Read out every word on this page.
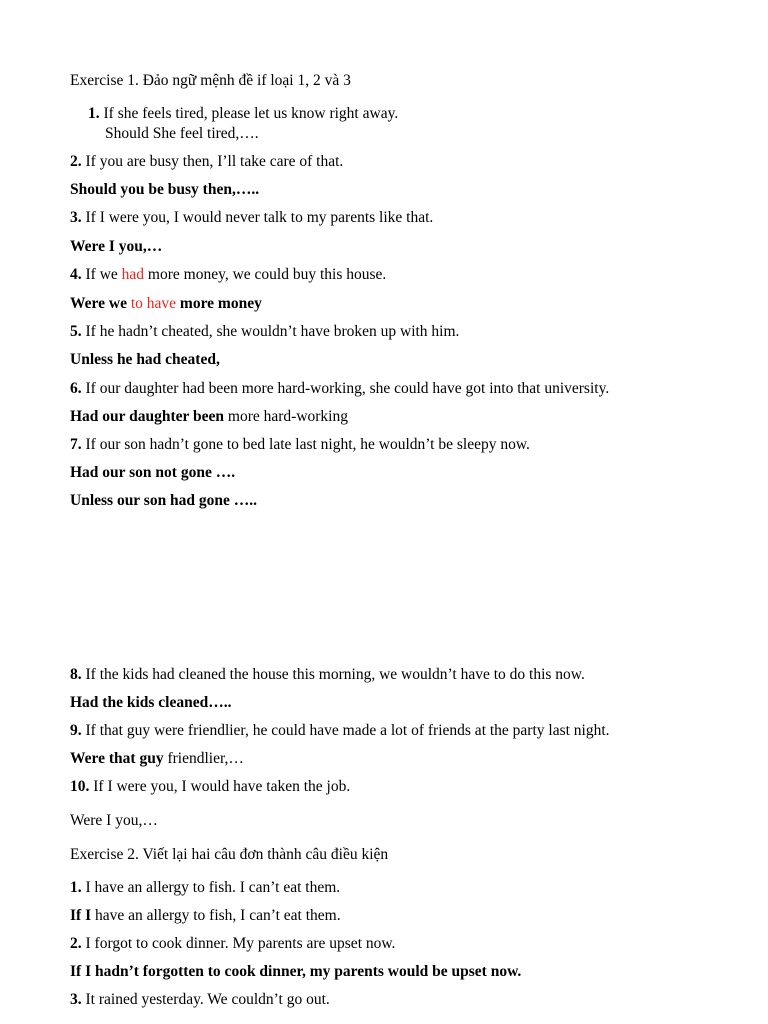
Exercise 1. Đảo ngữ mệnh đề if loại 1, 2 và 3
1. If she feels tired, please let us know right away.
Should She feel tired,….
2. If you are busy then, I’ll take care of that.
Should you be busy then,…..
3. If I were you, I would never talk to my parents like that.
Were I you,…
4. If we had more money, we could buy this house.
Were we to have more money
5. If he hadn’t cheated, she wouldn’t have broken up with him.
Unless he had cheated,
6. If our daughter had been more hard-working, she could have got into that university.
Had our daughter been more hard-working
7. If our son hadn’t gone to bed late last night, he wouldn’t be sleepy now.
Had our son not gone ….
Unless our son had gone …..
8. If the kids had cleaned the house this morning, we wouldn’t have to do this now.
Had the kids cleaned…..
9. If that guy were friendlier, he could have made a lot of friends at the party last night.
Were that guy friendlier,…
10. If I were you, I would have taken the job.
Were I you,…
Exercise 2. Viết lại hai câu đơn thành câu điều kiện
1. I have an allergy to fish. I can’t eat them.
If I have an allergy to fish, I can’t eat them.
2. I forgot to cook dinner. My parents are upset now.
If I hadn’t forgotten to cook dinner, my parents would be upset now.
3. It rained yesterday. We couldn’t go out.
